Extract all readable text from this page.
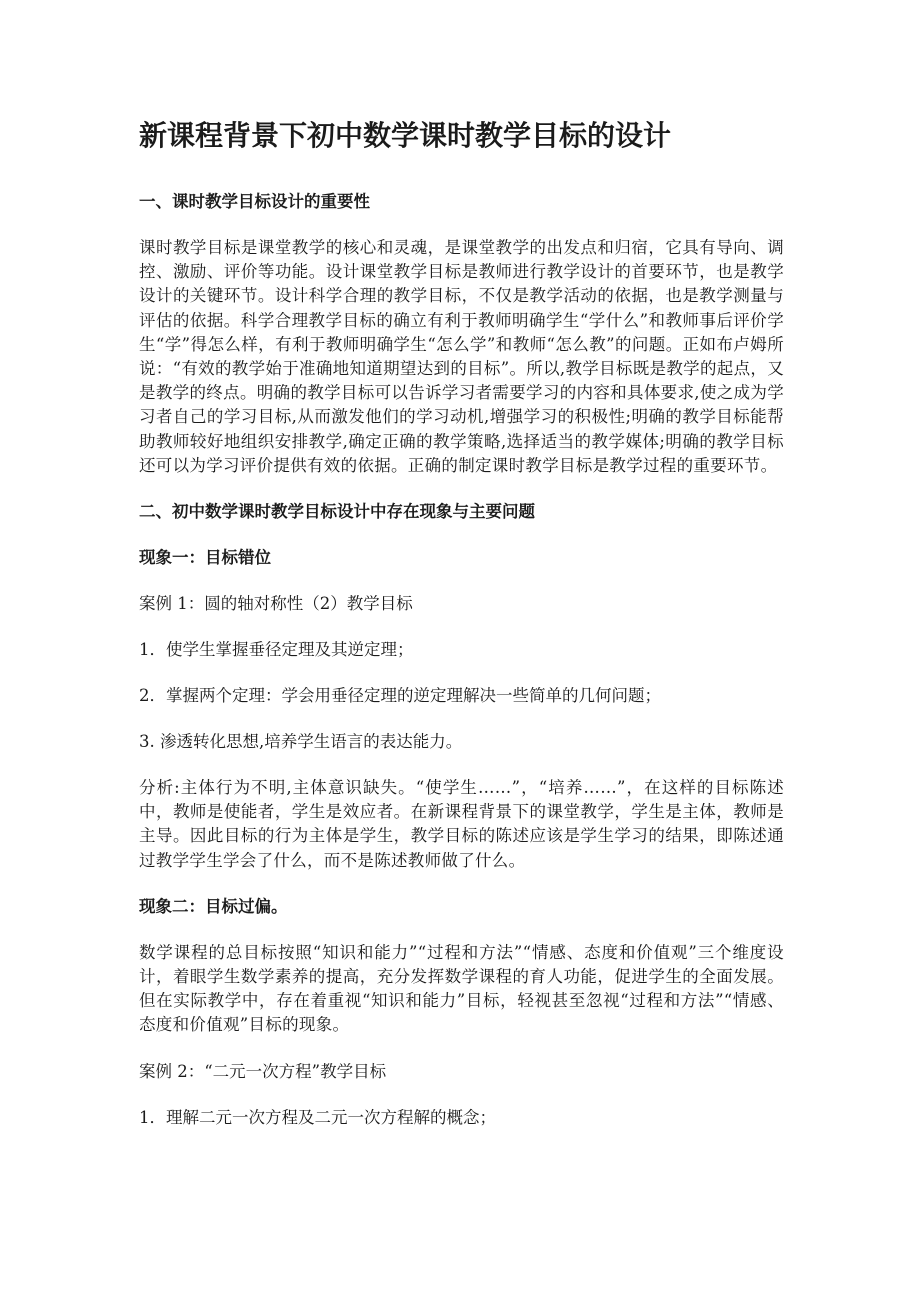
新课程背景下初中数学课时教学目标的设计
一、课时教学目标设计的重要性

课时教学目标是课堂教学的核心和灵魂，是课堂教学的出发点和归宿，它具有导向、调控、激励、评价等功能。设计课堂教学目标是教师进行教学设计的首要环节，也是教学设计的关键环节。设计科学合理的教学目标，不仅是教学活动的依据，也是教学测量与评估的依据。科学合理教学目标的确立有利于教师明确学生“学什么”和教师事后评价学生“学”得怎么样，有利于教师明确学生“怎么学”和教师“怎么教”的问题。正如布卢姆所说：“有效的教学始于准确地知道期望达到的目标”。所以,教学目标既是教学的起点，又是教学的终点。明确的教学目标可以告诉学习者需要学习的内容和具体要求,使之成为学习者自己的学习目标,从而激发他们的学习动机,增强学习的积极性;明确的教学目标能帮助教师较好地组织安排教学,确定正确的教学策略,选择适当的教学媒体;明确的教学目标还可以为学习评价提供有效的依据。正确的制定课时教学目标是教学过程的重要环节。

二、初中数学课时教学目标设计中存在现象与主要问题
现象一：目标错位

案例 1：圆的轴对称性（2）教学目标

1．使学生掌握垂径定理及其逆定理；

2．掌握两个定理：学会用垂径定理的逆定理解决一些简单的几何问题；

3. 渗透转化思想,培养学生语言的表达能力。

分析:主体行为不明,主体意识缺失。“使学生……”，“培养……”，在这样的目标陈述中，教师是使能者，学生是效应者。在新课程背景下的课堂教学，学生是主体，教师是主导。因此目标的行为主体是学生，教学目标的陈述应该是学生学习的结果，即陈述通过教学学生学会了什么，而不是陈述教师做了什么。

现象二：目标过偏。

数学课程的总目标按照“知识和能力”“过程和方法”“情感、态度和价值观”三个维度设计，着眼学生数学素养的提高，充分发挥数学课程的育人功能，促进学生的全面发展。但在实际教学中，存在着重视“知识和能力”目标，轻视甚至忽视“过程和方法”“情感、态度和价值观”目标的现象。

案例 2：“二元一次方程”教学目标

1．理解二元一次方程及二元一次方程解的概念；
